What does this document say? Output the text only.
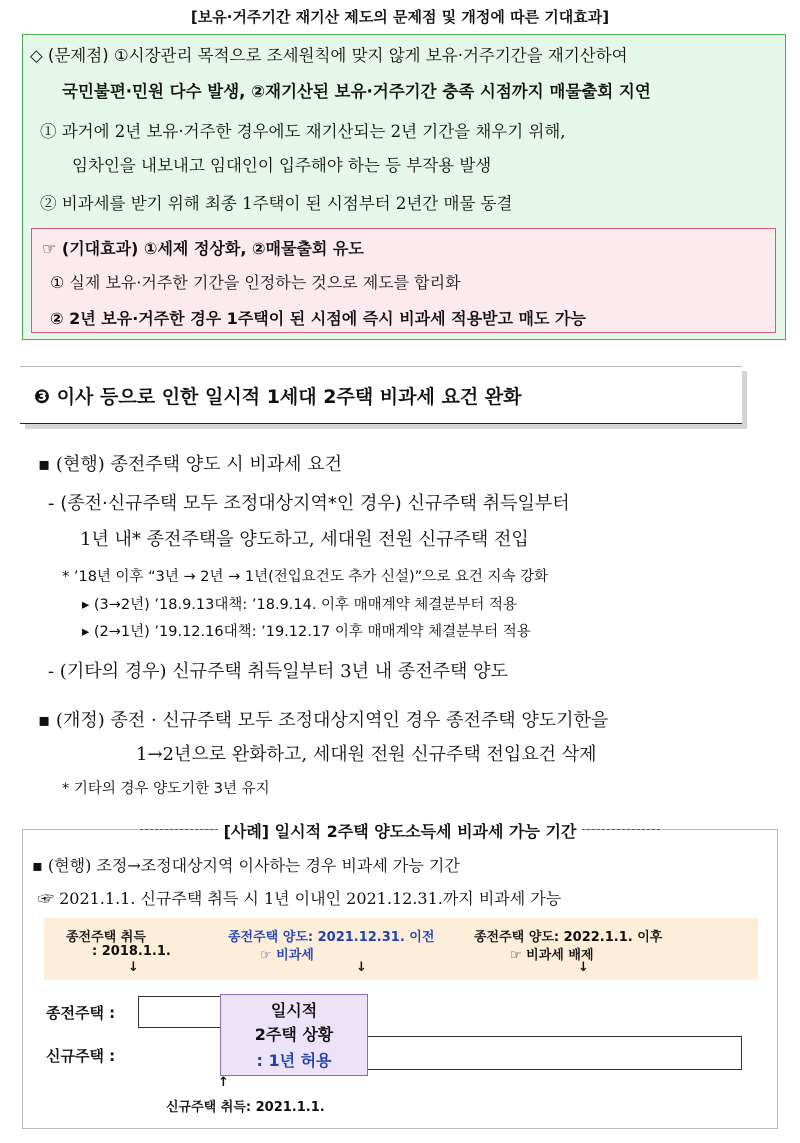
[보유·거주기간 재기산 제도의 문제점 및 개정에 따른 기대효과]
◇ (문제점) ①시장관리 목적으로 조세원칙에 맞지 않게 보유·거주기간을 재기산하여
국민불편·민원 다수 발생, ②재기산된 보유·거주기간 충족 시점까지 매물출회 지연
① 과거에 2년 보유·거주한 경우에도 재기산되는 2년 기간을 채우기 위해,
임차인을 내보내고 임대인이 입주해야 하는 등 부작용 발생
② 비과세를 받기 위해 최종 1주택이 된 시점부터 2년간 매물 동결
☞ (기대효과) ①세제 정상화, ②매물출회 유도
① 실제 보유·거주한 기간을 인정하는 것으로 제도를 합리화
② 2년 보유·거주한 경우 1주택이 된 시점에 즉시 비과세 적용받고 매도 가능
❸ 이사 등으로 인한 일시적 1세대 2주택 비과세 요건 완화
▪ (현행) 종전주택 양도 시 비과세 요건
- (종전·신규주택 모두 조정대상지역*인 경우) 신규주택 취득일부터
1년 내* 종전주택을 양도하고, 세대원 전원 신규주택 전입
* ’18년 이후 “3년 → 2년 → 1년(전입요건도 추가 신설)”으로 요건 지속 강화
▸ (3→2년) ’18.9.13대책: ’18.9.14. 이후 매매계약 체결분부터 적용
▸ (2→1년) ’19.12.16대책: ’19.12.17 이후 매매계약 체결분부터 적용
- (기타의 경우) 신규주택 취득일부터 3년 내 종전주택 양도
▪ (개정) 종전 · 신규주택 모두 조정대상지역인 경우 종전주택 양도기한을
1→2년으로 완화하고, 세대원 전원 신규주택 전입요건 삭제
* 기타의 경우 양도기한 3년 유지
[사례] 일시적 2주택 양도소득세 비과세 가능 기간
▪ (현행) 조정→조정대상지역 이사하는 경우 비과세 가능 기간
☞ 2021.1.1. 신규주택 취득 시 1년 이내인 2021.12.31.까지 비과세 가능
종전주택 취득
: 2018.1.1.
↓
종전주택 양도: 2021.12.31. 이전
☞ 비과세
↓
종전주택 양도: 2022.1.1. 이후
☞ 비과세 배제
↓
종전주택 :
신규주택 :
일시적
2주택 상황
: 1년 허용
↑
신규주택 취득: 2021.1.1.
